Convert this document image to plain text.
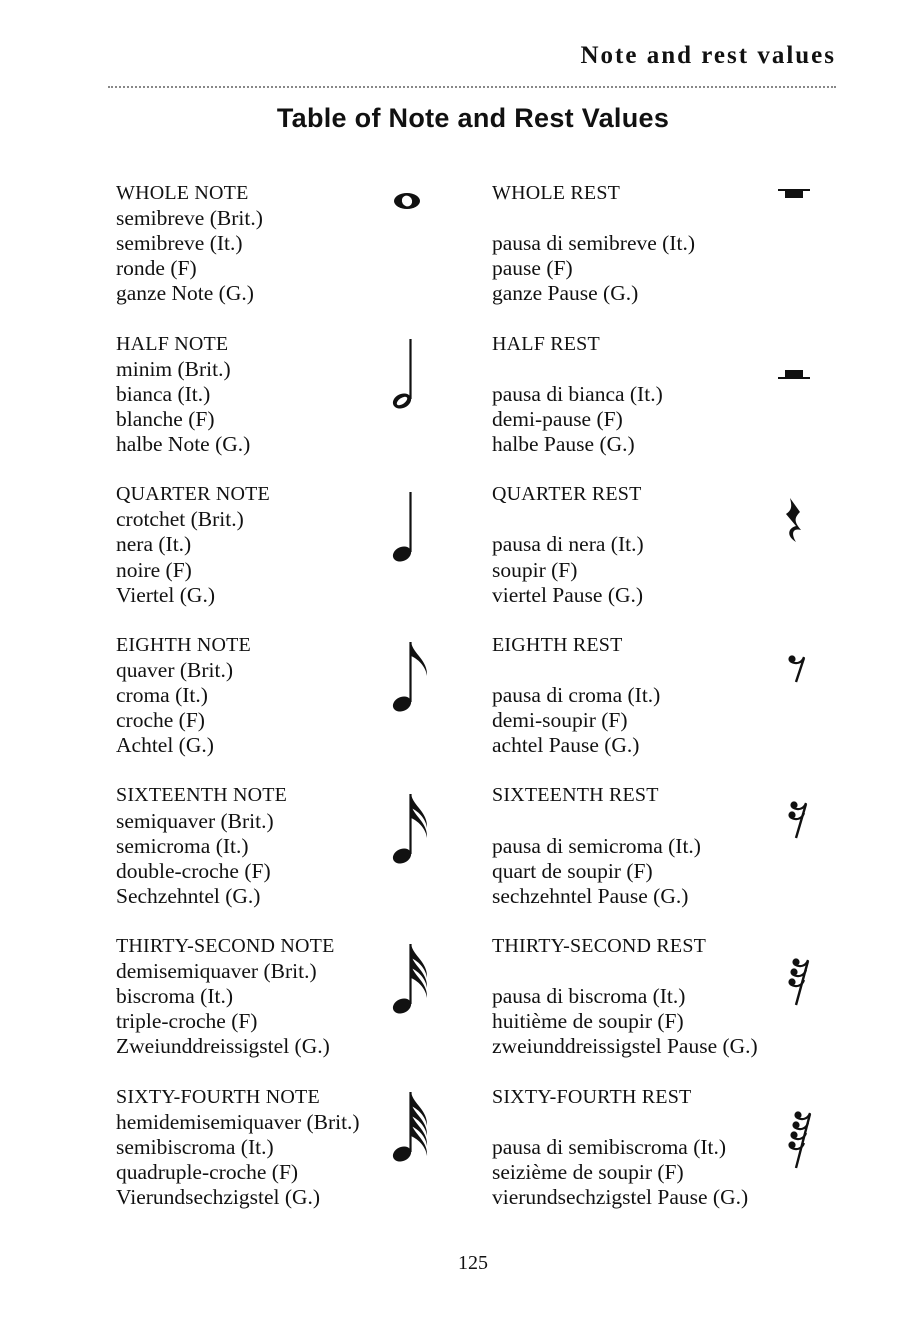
Note and rest values
Table of Note and Rest Values
WHOLE NOTE
semibreve (Brit.)
semibreve (It.)
ronde (F)
ganze Note (G.)
HALF NOTE
minim (Brit.)
bianca (It.)
blanche (F)
halbe Note (G.)
QUARTER NOTE
crotchet (Brit.)
nera (It.)
noire (F)
Viertel (G.)
EIGHTH NOTE
quaver (Brit.)
croma (It.)
croche (F)
Achtel (G.)
SIXTEENTH NOTE
semiquaver (Brit.)
semicroma (It.)
double-croche (F)
Sechzehntel (G.)
THIRTY-SECOND NOTE
demisemiquaver (Brit.)
biscroma (It.)
triple-croche (F)
Zweiunddreissigstel (G.)
SIXTY-FOURTH NOTE
hemidemisemiquaver (Brit.)
semibiscroma (It.)
quadruple-croche (F)
Vierundsechzigstel (G.)
WHOLE REST
pausa di semibreve (It.)
pause (F)
ganze Pause (G.)
HALF REST
pausa di bianca (It.)
demi-pause (F)
halbe Pause (G.)
QUARTER REST
pausa di nera (It.)
soupir (F)
viertel Pause (G.)
EIGHTH REST
pausa di croma (It.)
demi-soupir (F)
achtel Pause (G.)
SIXTEENTH REST
pausa di semicroma (It.)
quart de soupir (F)
sechzehntel Pause (G.)
THIRTY-SECOND REST
pausa di biscroma (It.)
huitième de soupir (F)
zweiunddreissigstel Pause (G.)
SIXTY-FOURTH REST
pausa di semibiscroma (It.)
seizième de soupir (F)
vierundsechzigstel Pause (G.)
125
